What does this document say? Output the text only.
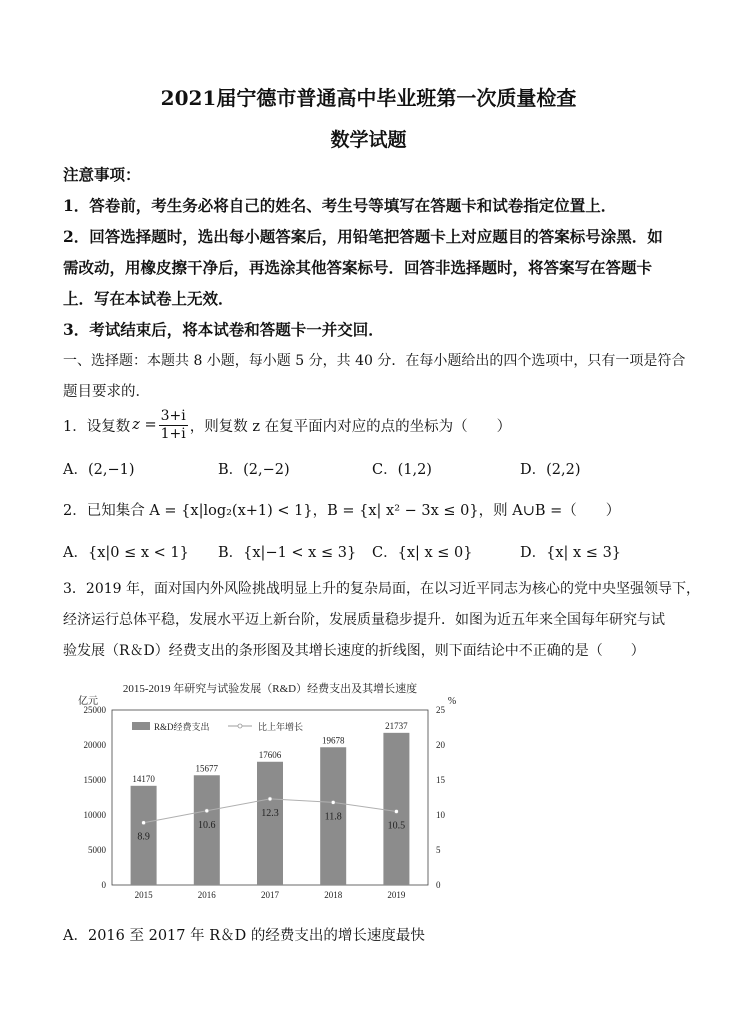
2021届宁德市普通高中毕业班第一次质量检查
数学试题
注意事项：
1．答卷前，考生务必将自己的姓名、考生号等填写在答题卡和试卷指定位置上．
2．回答选择题时，选出每小题答案后，用铅笔把答题卡上对应题目的答案标号涂黑．如
需改动，用橡皮擦干净后，再选涂其他答案标号．回答非选择题时，将答案写在答题卡
上．写在本试卷上无效．
3．考试结束后，将本试卷和答题卡一并交回．
一、选择题：本题共 8 小题，每小题 5 分，共 40 分．在每小题给出的四个选项中，只有一项是符合
题目要求的．
1．设复数 $z = \frac{3+i}{1+i}$ ，则复数 z 在复平面内对应的点的坐标为（　　）
A．(2,−1)	B．(2,−2)	C．(1,2)	D．(2,2)
2．已知集合 A = {x|log₂(x+1) < 1}，B = {x| x² − 3x ≤ 0}，则 A∪B =（　　）
A．{x|0 ≤ x < 1} B．{x|−1 < x ≤ 3} C．{x| x ≤ 0}	D．{x| x ≤ 3}
3．2019 年，面对国内外风险挑战明显上升的复杂局面，在以习近平同志为核心的党中央坚强领导下，
经济运行总体平稳，发展水平迈上新台阶，发展质量稳步提升．如图为近五年来全国每年研究与试
验发展（R＆D）经费支出的条形图及其增长速度的折线图，则下面结论中不正确的是（　　）
2015-2019 年研究与试验发展（R&D）经费支出及其增长速度
亿元	%
0
5000
10000
15000
20000
25000
0
5
10
15
20
25
14170
2015
15677
2016
17606
2017
19678
2018
21737
2019
8.9
10.6
12.3	11.8
10.5
R&D经费支出	比上年增长
A．2016 至 2017 年 R＆D 的经费支出的增长速度最快
